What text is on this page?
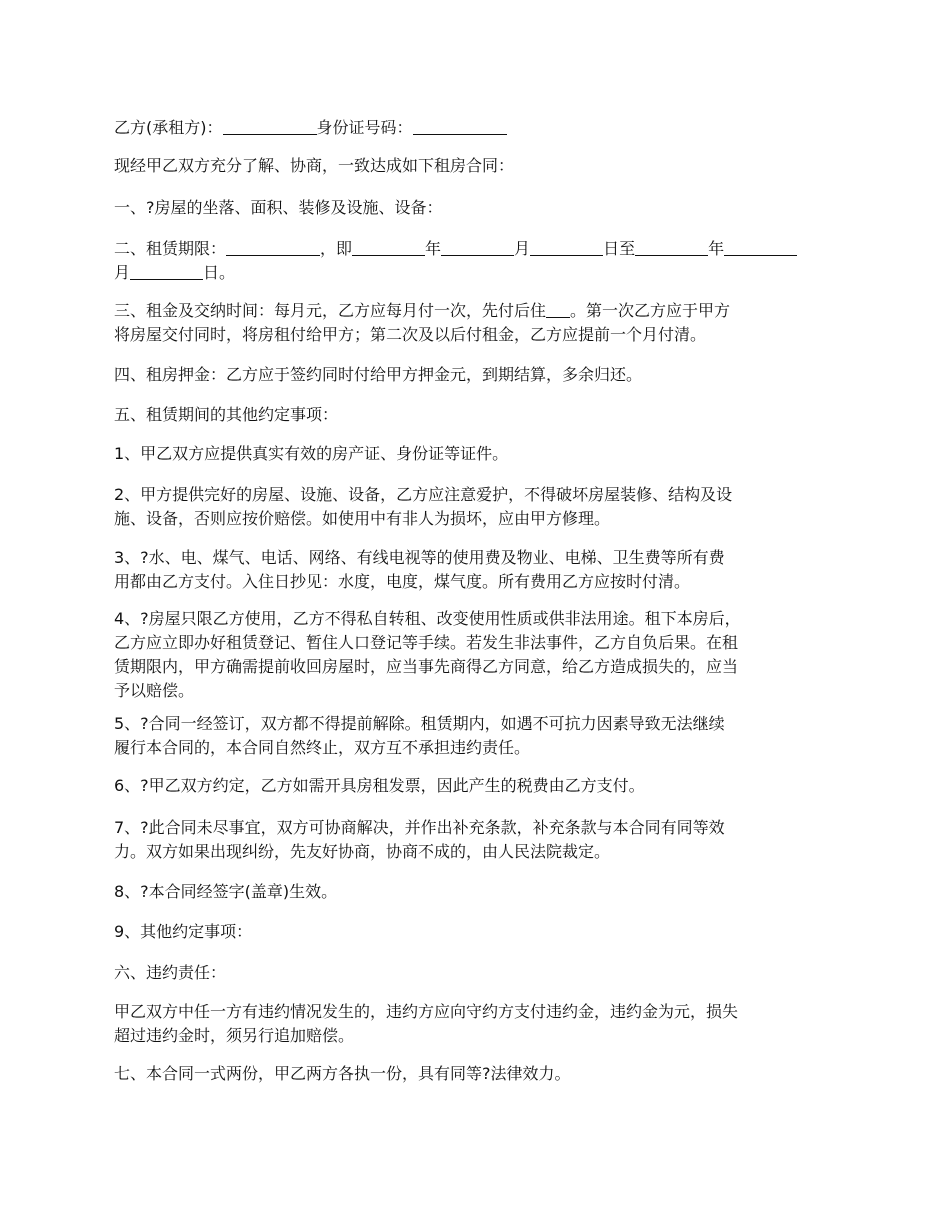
乙方(承租方)：	身份证号码：

现经甲乙双方充分了解、协商，一致达成如下租房合同：

一、?房屋的坐落、面积、装修及设施、设备：

二、租赁期限：	，即	年	月	日至	年
月	日。

三、租金及交纳时间：每月元，乙方应每月付一次，先付后住 。第一次乙方应于甲方
将房屋交付同时，将房租付给甲方；第二次及以后付租金，乙方应提前一个月付清。

四、租房押金：乙方应于签约同时付给甲方押金元，到期结算，多余归还。

五、租赁期间的其他约定事项：

1、甲乙双方应提供真实有效的房产证、身份证等证件。

2、甲方提供完好的房屋、设施、设备，乙方应注意爱护，不得破坏房屋装修、结构及设
施、设备，否则应按价赔偿。如使用中有非人为损坏，应由甲方修理。

3、?水、电、煤气、电话、网络、有线电视等的使用费及物业、电梯、卫生费等所有费
用都由乙方支付。入住日抄见：水度，电度，煤气度。所有费用乙方应按时付清。

4、?房屋只限乙方使用，乙方不得私自转租、改变使用性质或供非法用途。租下本房后，
乙方应立即办好租赁登记、暂住人口登记等手续。若发生非法事件，乙方自负后果。在租
赁期限内，甲方确需提前收回房屋时，应当事先商得乙方同意，给乙方造成损失的，应当
予以赔偿。

5、?合同一经签订，双方都不得提前解除。租赁期内，如遇不可抗力因素导致无法继续
履行本合同的，本合同自然终止，双方互不承担违约责任。

6、?甲乙双方约定，乙方如需开具房租发票，因此产生的税费由乙方支付。

7、?此合同未尽事宜，双方可协商解决，并作出补充条款，补充条款与本合同有同等效
力。双方如果出现纠纷，先友好协商，协商不成的，由人民法院裁定。

8、?本合同经签字(盖章)生效。

9、其他约定事项：

六、违约责任：

甲乙双方中任一方有违约情况发生的，违约方应向守约方支付违约金，违约金为元，损失
超过违约金时，须另行追加赔偿。

七、本合同一式两份，甲乙两方各执一份，具有同等?法律效力。
